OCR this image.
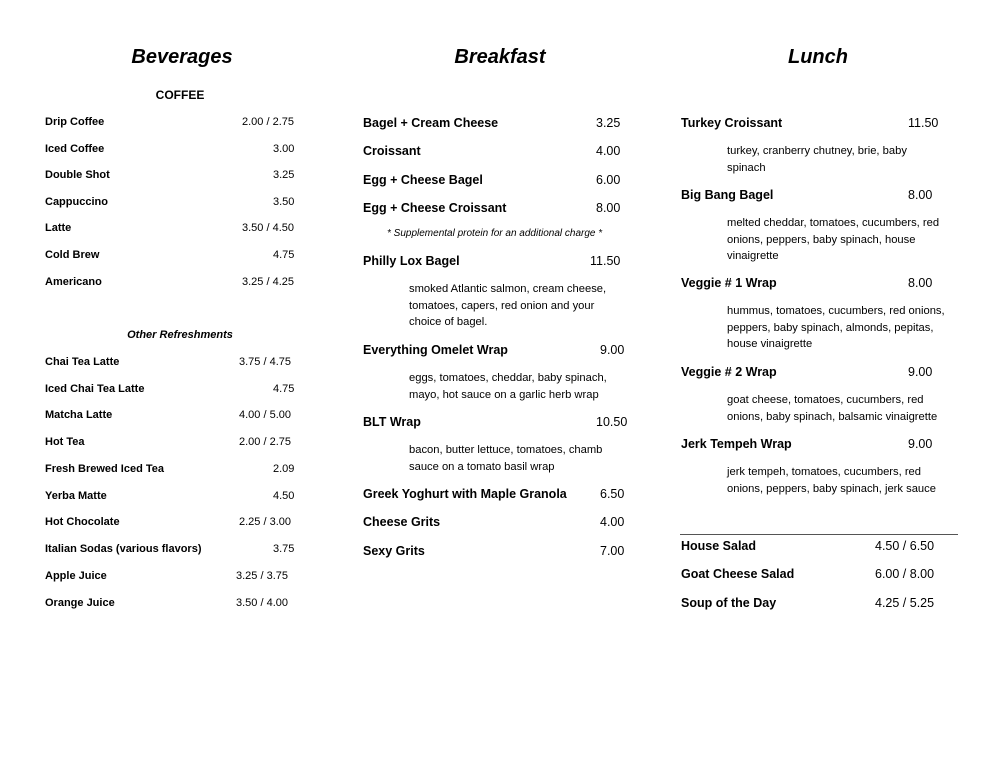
Beverages	Breakfast	Lunch
COFFEE
Drip Coffee	2.00 / 2.75
Iced Coffee	3.00
Double Shot	3.25
Cappuccino	3.50
Latte	3.50 / 4.50
Cold Brew	4.75
Americano	3.25 / 4.25
Other Refreshments
Chai Tea Latte	3.75 / 4.75
Iced Chai Tea Latte	4.75
Matcha Latte	4.00 / 5.00
Hot Tea	2.00 / 2.75
Fresh Brewed Iced Tea	2.09
Yerba Matte	4.50
Hot Chocolate	2.25 / 3.00
Italian Sodas (various flavors)	3.75
Apple Juice	3.25 / 3.75
Orange Juice	3.50 / 4.00
Bagel + Cream Cheese	3.25
Croissant	4.00
Egg + Cheese Bagel	6.00
Egg + Cheese Croissant	8.00
* Supplemental protein for an additional charge *
Philly Lox Bagel	11.50
smoked Atlantic salmon, cream cheese, tomatoes, capers, red onion and your choice of bagel.
Everything Omelet Wrap	9.00
eggs, tomatoes, cheddar, baby spinach, mayo, hot sauce on a garlic herb wrap
BLT Wrap	10.50
bacon, butter lettuce, tomatoes, chamb sauce on a tomato basil wrap
Greek Yoghurt with Maple Granola	6.50
Cheese Grits	4.00
Sexy Grits	7.00
Turkey Croissant	11.50
turkey, cranberry chutney, brie, baby spinach
Big Bang Bagel	8.00
melted cheddar, tomatoes, cucumbers, red onions, peppers, baby spinach, house vinaigrette
Veggie # 1 Wrap	8.00
hummus, tomatoes, cucumbers, red onions, peppers, baby spinach, almonds, pepitas, house vinaigrette
Veggie # 2 Wrap	9.00
goat cheese, tomatoes, cucumbers, red onions, baby spinach, balsamic vinaigrette
Jerk Tempeh Wrap	9.00
jerk tempeh, tomatoes, cucumbers, red onions, peppers, baby spinach, jerk sauce
House Salad	4.50 / 6.50
Goat Cheese Salad	6.00 / 8.00
Soup of the Day	4.25 / 5.25
